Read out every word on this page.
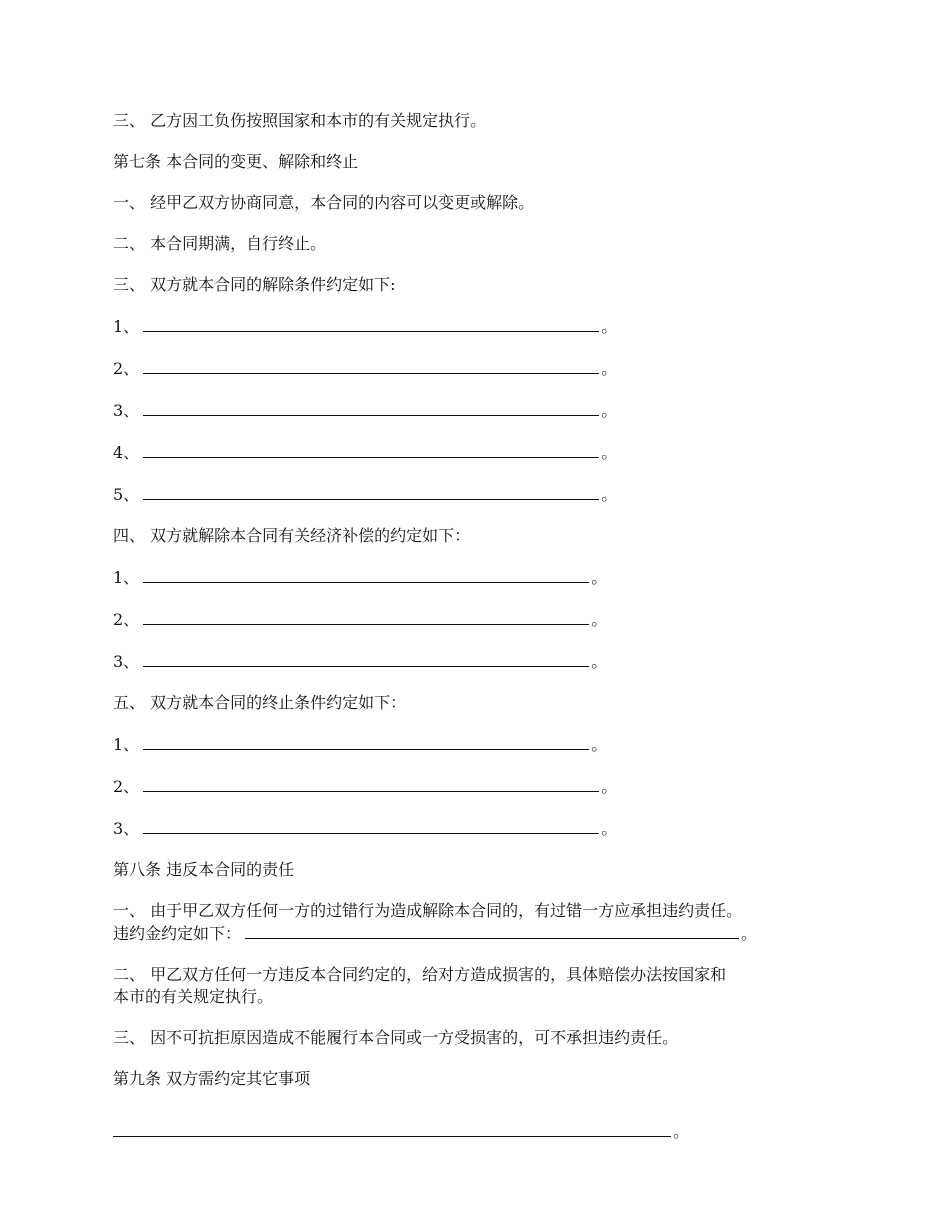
三、 乙方因工负伤按照国家和本市的有关规定执行。

第七条 本合同的变更、解除和终止

一、 经甲乙双方协商同意，本合同的内容可以变更或解除。

二、 本合同期满，自行终止。

三、 双方就本合同的解除条件约定如下:

1、	。

2、	。

3、	。

4、	。

5、	。

四、 双方就解除本合同有关经济补偿的约定如下：

1、	。

2、	。

3、	。

五、 双方就本合同的终止条件约定如下：

1、	。

2、	。

3、	。

第八条 违反本合同的责任

一、 由于甲乙双方任何一方的过错行为造成解除本合同的，有过错一方应承担违约责任。
违约金约定如下：	。

二、 甲乙双方任何一方违反本合同约定的，给对方造成损害的，具体赔偿办法按国家和
本市的有关规定执行。

三、 因不可抗拒原因造成不能履行本合同或一方受损害的，可不承担违约责任。

第九条 双方需约定其它事项

。
